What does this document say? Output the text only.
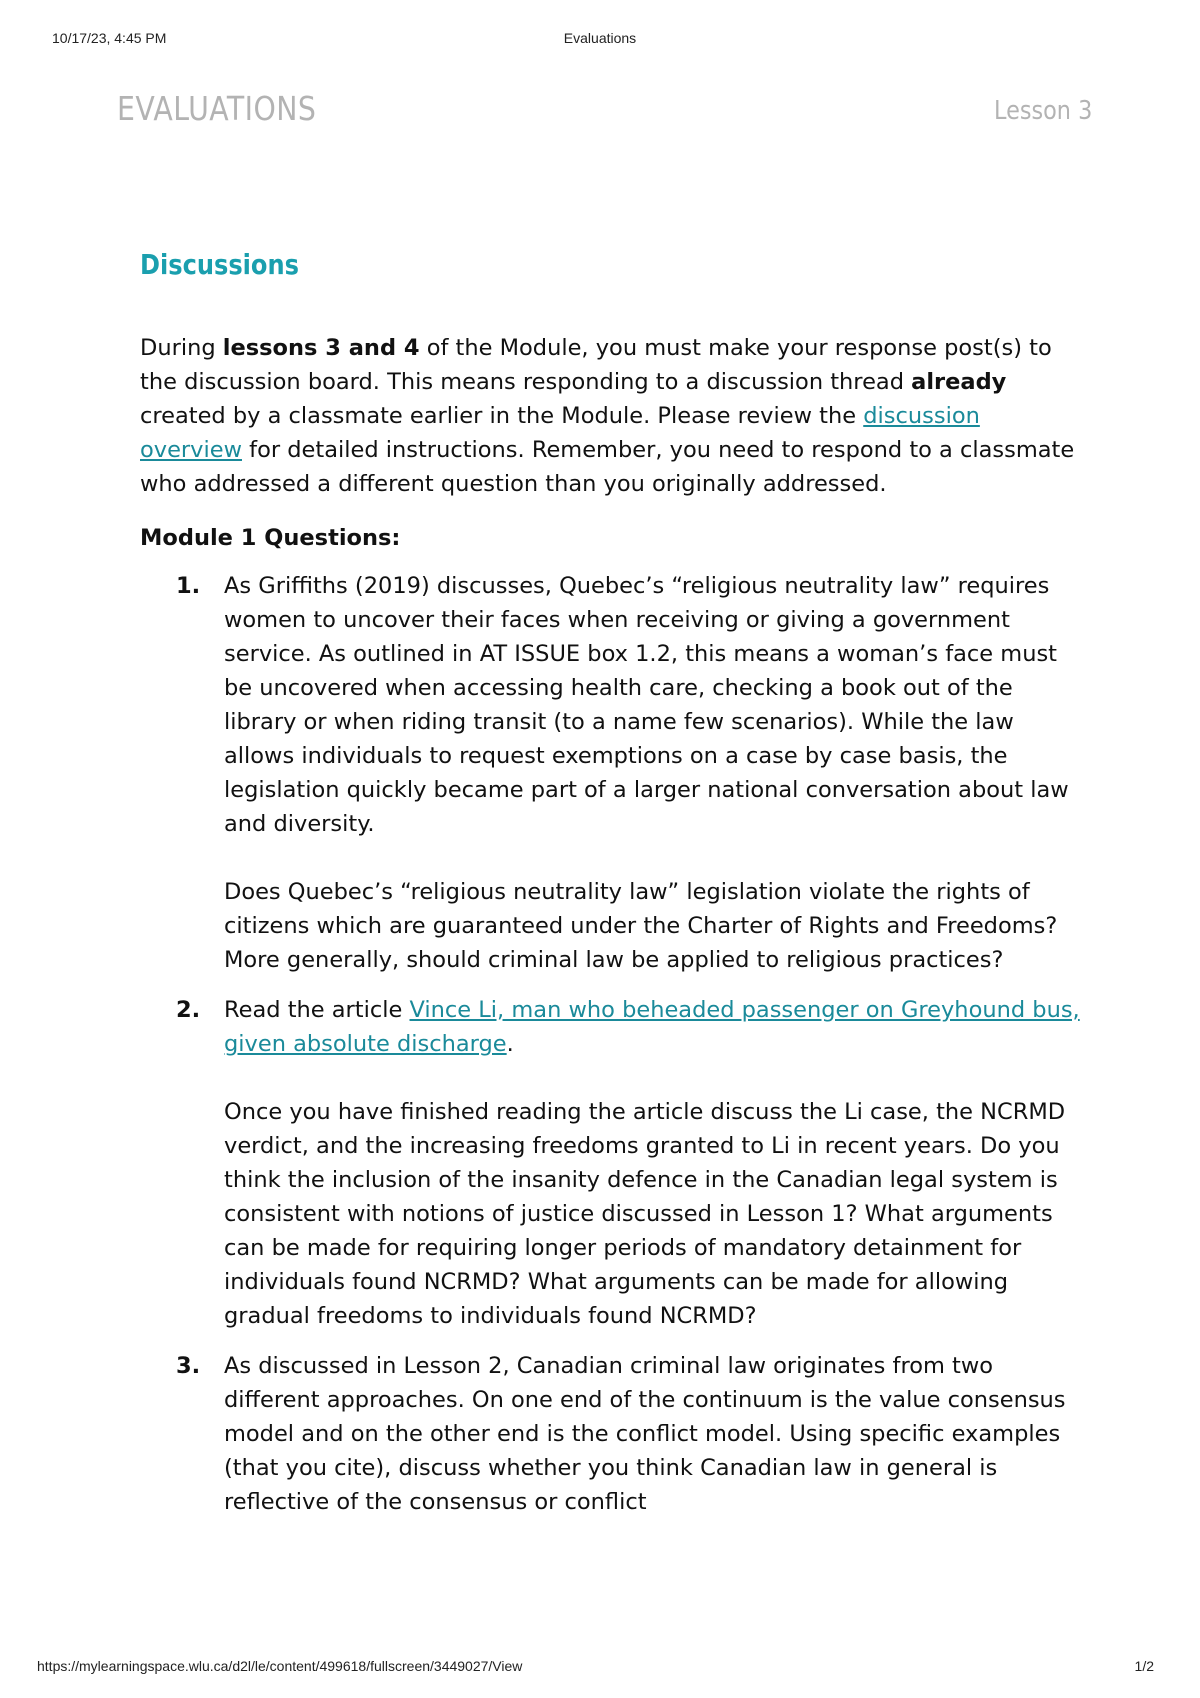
10/17/23, 4:45 PM	Evaluations
EVALUATIONS	Lesson 3
Discussions

During lessons 3 and 4 of the Module, you must make your response post(s) to the discussion board. This means responding to a discussion thread already created by a classmate earlier in the Module. Please review the discussion overview for detailed instructions. Remember, you need to respond to a classmate who addressed a different question than you originally addressed.

Module 1 Questions:
1. As Griffiths (2019) discusses, Quebec’s “religious neutrality law” requires women to uncover their faces when receiving or giving a government service. As outlined in AT ISSUE box 1.2, this means a woman’s face must be uncovered when accessing health care, checking a book out of the library or when riding transit (to a name few scenarios). While the law allows individuals to request exemptions on a case by case basis, the legislation quickly became part of a larger national conversation about law and diversity.

Does Quebec’s “religious neutrality law” legislation violate the rights of citizens which are guaranteed under the Charter of Rights and Freedoms? More generally, should criminal law be applied to religious practices?

2. Read the article Vince Li, man who beheaded passenger on Greyhound bus, given absolute discharge.

Once you have finished reading the article discuss the Li case, the NCRMD verdict, and the increasing freedoms granted to Li in recent years. Do you think the inclusion of the insanity defence in the Canadian legal system is consistent with notions of justice discussed in Lesson 1? What arguments can be made for requiring longer periods of mandatory detainment for individuals found NCRMD? What arguments can be made for allowing gradual freedoms to individuals found NCRMD?

3. As discussed in Lesson 2, Canadian criminal law originates from two different approaches. On one end of the continuum is the value consensus model and on the other end is the conflict model. Using specific examples (that you cite), discuss whether you think Canadian law in general is reflective of the consensus or conflict

https://mylearningspace.wlu.ca/d2l/le/content/499618/fullscreen/3449027/View	1/2
